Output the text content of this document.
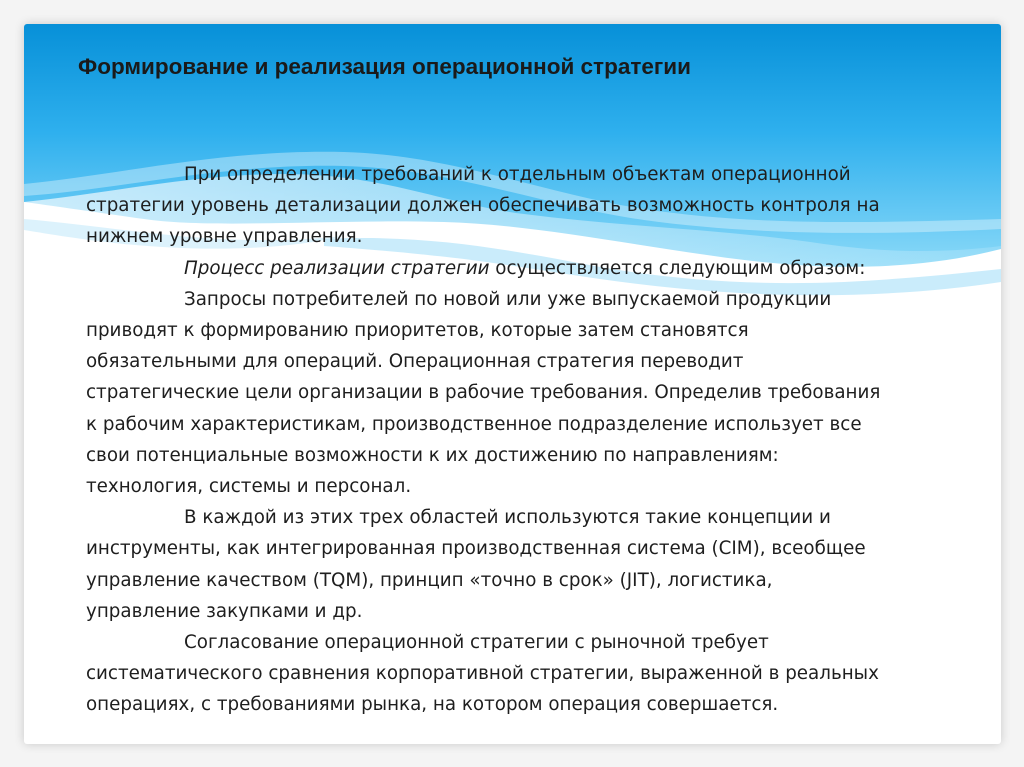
Формирование и реализация операционной стратегии

При определении требований к отдельным объектам операционной

стратегии уровень детализации должен обеспечивать возможность контроля на

нижнем уровне управления.

Процесс реализации стратегии осуществляется следующим образом:

Запросы потребителей по новой или уже выпускаемой продукции

приводят к формированию приоритетов, которые затем становятся

обязательными для операций. Операционная стратегия переводит

стратегические цели организации в рабочие требования. Определив требования

к рабочим характеристикам, производственное подразделение использует все

свои потенциальные возможности к их достижению по направлениям:

технология, системы и персонал.

В каждой из этих трех областей используются такие концепции и

инструменты, как интегрированная производственная система (CIM), всеобщее

управление качеством (TQM), принцип «точно в срок» (JIT), логистика,

управление закупками и др.

Согласование операционной стратегии с рыночной требует

систематического сравнения корпоративной стратегии, выраженной в реальных

операциях, с требованиями рынка, на котором операция совершается.
